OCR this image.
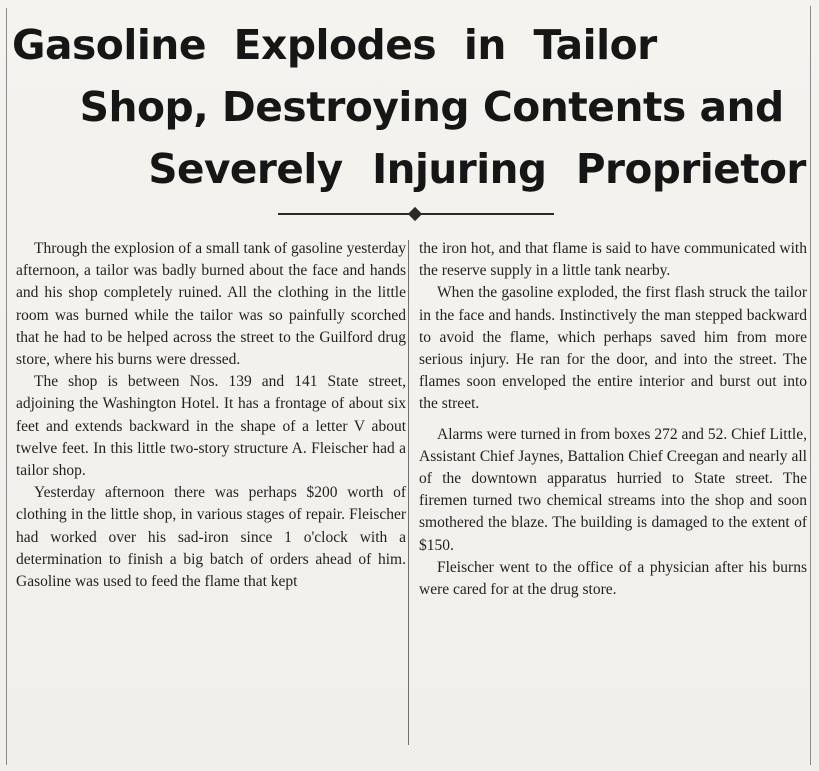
Gasoline Explodes in Tailor
Shop, Destroying Contents and
Severely Injuring Proprietor

Through the explosion of a small tank of gasoline yesterday afternoon, a tailor was badly burned about the face and hands and his shop completely ruined. All the clothing in the little room was burned while the tailor was so painfully scorched that he had to be helped across the street to the Guilford drug store, where his burns were dressed.

The shop is between Nos. 139 and 141 State street, adjoining the Washington Hotel. It has a frontage of about six feet and extends backward in the shape of a letter V about twelve feet. In this little two-story structure A. Fleischer had a tailor shop.

Yesterday afternoon there was perhaps $200 worth of clothing in the little shop, in various stages of repair. Fleischer had worked over his sad-iron since 1 o'clock with a determination to finish a big batch of orders ahead of him. Gasoline was used to feed the flame that kept

the iron hot, and that flame is said to have communicated with the reserve supply in a little tank nearby.

When the gasoline exploded, the first flash struck the tailor in the face and hands. Instinctively the man stepped backward to avoid the flame, which perhaps saved him from more serious injury. He ran for the door, and into the street. The flames soon enveloped the entire interior and burst out into the street.

Alarms were turned in from boxes 272 and 52. Chief Little, Assistant Chief Jaynes, Battalion Chief Creegan and nearly all of the downtown apparatus hurried to State street. The firemen turned two chemical streams into the shop and soon smothered the blaze. The building is damaged to the extent of $150.

Fleischer went to the office of a physician after his burns were cared for at the drug store.
